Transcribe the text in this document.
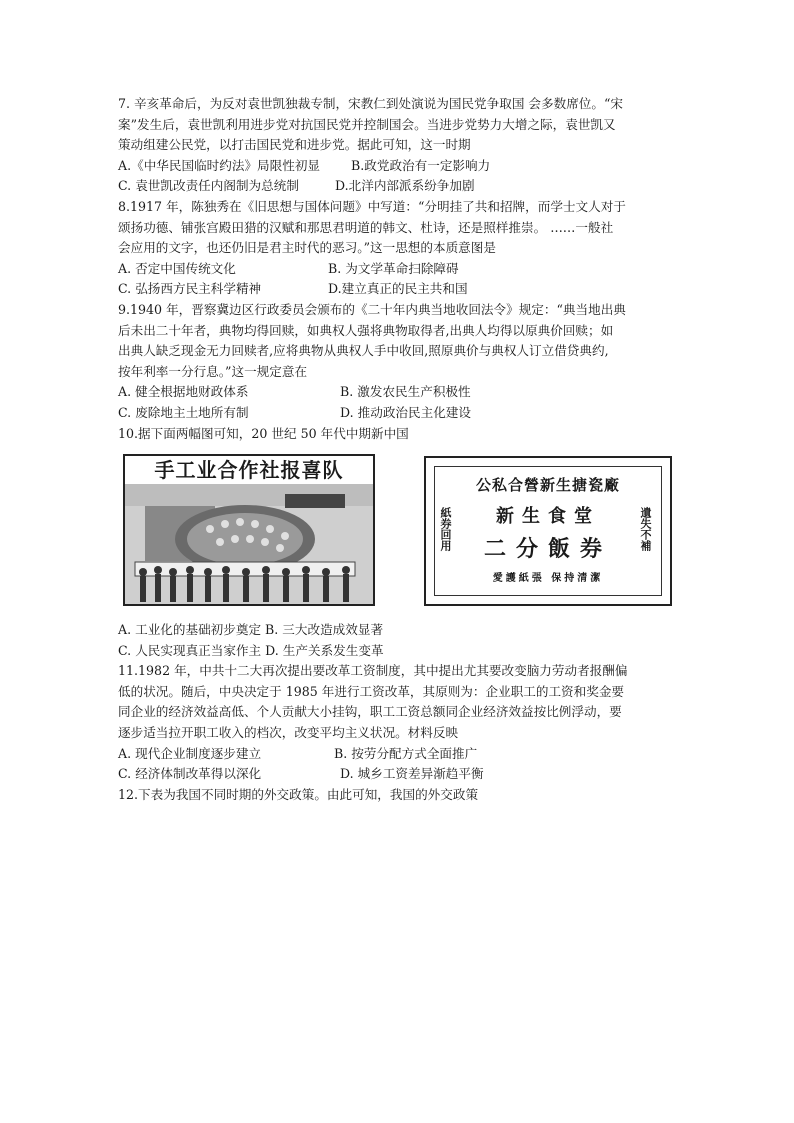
7. 辛亥革命后，为反对袁世凯独裁专制，宋教仁到处演说为国民党争取国 会多数席位。“宋

案”发生后，袁世凯利用进步党对抗国民党并控制国会。当进步党势力大增之际，袁世凯又

策动组建公民党，以打击国民党和进步党。据此可知，这一时期

A.《中华民国临时约法》局限性初显	B.政党政治有一定影响力
C. 袁世凯改责任内阁制为总统制	D.北洋内部派系纷争加剧

8.1917 年，陈独秀在《旧思想与国体问题》中写道：“分明挂了共和招牌，而学士文人对于

颂扬功德、铺张宫殿田猎的汉赋和那思君明道的韩文、杜诗，还是照样推崇。 ……一般社

会应用的文字，也还仍旧是君主时代的恶习。”这一思想的本质意图是

A. 否定中国传统文化	B. 为文学革命扫除障碍
C. 弘扬西方民主科学精神	D.建立真正的民主共和国

9.1940 年，晋察冀边区行政委员会颁布的《二十年内典当地收回法令》规定：“典当地出典

后未出二十年者，典物均得回赎，如典权人强将典物取得者,出典人均得以原典价回赎；如

出典人缺乏现金无力回赎者,应将典物从典权人手中收回,照原典价与典权人订立借贷典约,

按年利率一分行息。”这一规定意在

A. 健全根据地财政体系	B. 激发农民生产积极性
C. 废除地主土地所有制	D. 推动政治民主化建设

10.据下面两幅图可知，20 世纪 50 年代中期新中国

手工业合作社报喜队
公私合營新生搪瓷廠
紙券回用	新生食堂
二分飯券	遺失不補
愛護紙張 保持清潔

A. 工业化的基础初步奠定 B. 三大改造成效显著

C. 人民实现真正当家作主 D. 生产关系发生变革

11.1982 年，中共十二大再次提出要改革工资制度，其中提出尤其要改变脑力劳动者报酬偏

低的状况。随后，中央决定于 1985 年进行工资改革，其原则为：企业职工的工资和奖金要

同企业的经济效益高低、个人贡献大小挂钩，职工工资总额同企业经济效益按比例浮动，要

逐步适当拉开职工收入的档次，改变平均主义状况。材料反映

A. 现代企业制度逐步建立	B. 按劳分配方式全面推广
C. 经济体制改革得以深化	D. 城乡工资差异渐趋平衡

12.下表为我国不同时期的外交政策。由此可知，我国的外交政策
